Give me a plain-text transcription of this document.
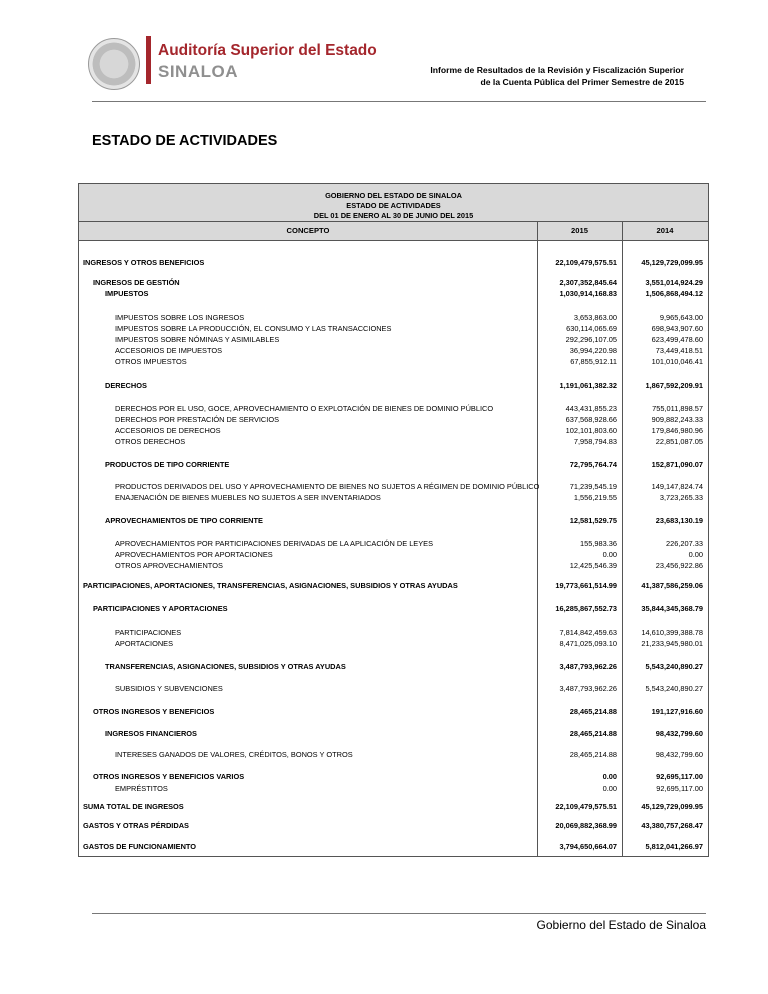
Auditoría Superior del Estado
SINALOA	Informe de Resultados de la Revisión y Fiscalización Superior
de la Cuenta Pública del Primer Semestre de 2015
ESTADO DE ACTIVIDADES
GOBIERNO DEL ESTADO DE SINALOA
ESTADO DE ACTIVIDADES
DEL 01 DE ENERO AL 30 DE JUNIO DEL 2015
CONCEPTO	2015	2014
INGRESOS Y OTROS BENEFICIOS	22,109,479,575.51	45,129,729,099.95
INGRESOS DE GESTIÓN	2,307,352,845.64	3,551,014,924.29
IMPUESTOS	1,030,914,168.83	1,506,868,494.12
IMPUESTOS SOBRE LOS INGRESOS	3,653,863.00	9,965,643.00
IMPUESTOS SOBRE LA PRODUCCIÓN, EL CONSUMO Y LAS TRANSACCIONES	630,114,065.69	698,943,907.60
IMPUESTOS SOBRE NÓMINAS Y ASIMILABLES	292,296,107.05	623,499,478.60
ACCESORIOS DE IMPUESTOS	36,994,220.98	73,449,418.51
OTROS IMPUESTOS	67,855,912.11	101,010,046.41
DERECHOS	1,191,061,382.32	1,867,592,209.91
DERECHOS POR EL USO, GOCE, APROVECHAMIENTO O EXPLOTACIÓN DE BIENES DE DOMINIO PÚBLICO	443,431,855.23	755,011,898.57
DERECHOS POR PRESTACIÓN DE SERVICIOS	637,568,928.66	909,882,243.33
ACCESORIOS DE DERECHOS	102,101,803.60	179,846,980.96
OTROS DERECHOS	7,958,794.83	22,851,087.05
PRODUCTOS DE TIPO CORRIENTE	72,795,764.74	152,871,090.07
PRODUCTOS DERIVADOS DEL USO Y APROVECHAMIENTO DE BIENES NO SUJETOS A RÉGIMEN DE DOMINIO PÚBLICO	71,239,545.19	149,147,824.74
ENAJENACIÓN DE BIENES MUEBLES NO SUJETOS A SER INVENTARIADOS	1,556,219.55	3,723,265.33
APROVECHAMIENTOS DE TIPO CORRIENTE	12,581,529.75	23,683,130.19
APROVECHAMIENTOS POR PARTICIPACIONES DERIVADAS DE LA APLICACIÓN DE LEYES	155,983.36	226,207.33
APROVECHAMIENTOS POR APORTACIONES	0.00	0.00
OTROS APROVECHAMIENTOS	12,425,546.39	23,456,922.86
PARTICIPACIONES, APORTACIONES, TRANSFERENCIAS, ASIGNACIONES, SUBSIDIOS Y OTRAS AYUDAS	19,773,661,514.99	41,387,586,259.06
PARTICIPACIONES Y APORTACIONES	16,285,867,552.73	35,844,345,368.79
PARTICIPACIONES	7,814,842,459.63	14,610,399,388.78
APORTACIONES	8,471,025,093.10	21,233,945,980.01
TRANSFERENCIAS, ASIGNACIONES, SUBSIDIOS Y OTRAS AYUDAS	3,487,793,962.26	5,543,240,890.27
SUBSIDIOS Y SUBVENCIONES	3,487,793,962.26	5,543,240,890.27
OTROS INGRESOS Y BENEFICIOS	28,465,214.88	191,127,916.60
INGRESOS FINANCIEROS	28,465,214.88	98,432,799.60
INTERESES GANADOS DE VALORES, CRÉDITOS, BONOS Y OTROS	28,465,214.88	98,432,799.60
OTROS INGRESOS Y BENEFICIOS VARIOS	0.00	92,695,117.00
EMPRÉSTITOS	0.00	92,695,117.00
SUMA TOTAL DE INGRESOS	22,109,479,575.51	45,129,729,099.95
GASTOS Y OTRAS PÉRDIDAS	20,069,882,368.99	43,380,757,268.47
GASTOS DE FUNCIONAMIENTO	3,794,650,664.07	5,812,041,266.97
Gobierno del Estado de Sinaloa
